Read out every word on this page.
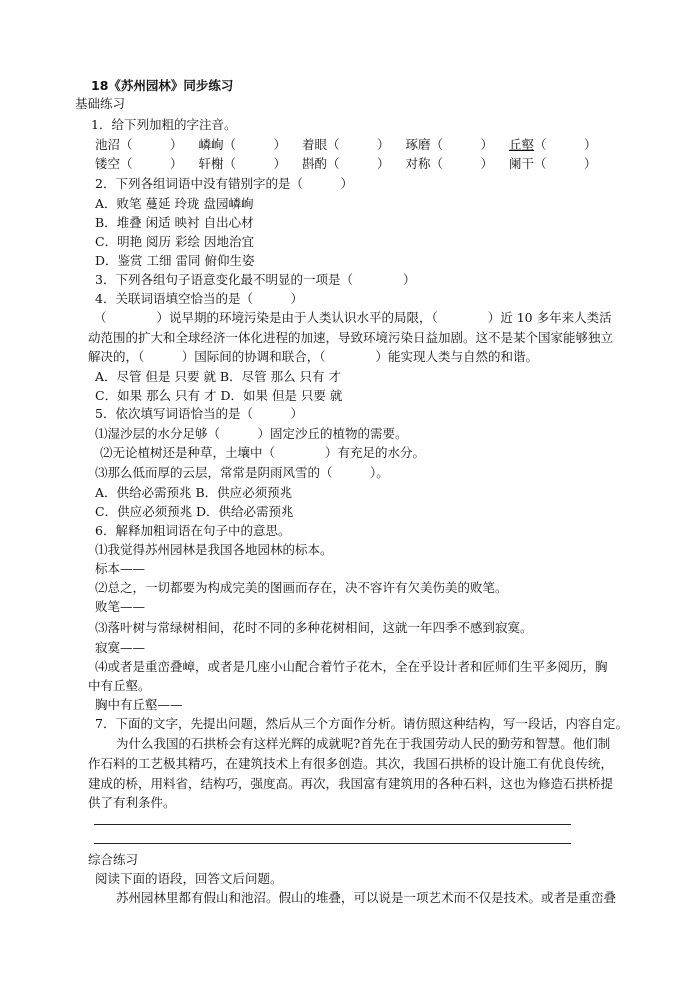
18《苏州园林》同步练习
基础练习
1．给下列加粗的字注音。
池沼（　　　） 嶙峋（　　　） 着眼（　　　） 琢磨（　　　） 丘壑（　　　）
镂空（　　　） 轩榭（　　　） 斟酌（　　　） 对称（　　　） 阑干（　　　）
2．下列各组词语中没有错别字的是（　　　）
A．败笔 蔓延 玲珑 盘园嶙峋
B．堆叠 闲适 映衬 自出心材
C．明艳 阅历 彩绘 因地治宜
D．鉴赏 工细 雷同 俯仰生姿
3．下列各组句子语意变化最不明显的一项是（　　　　）
4．关联词语填空恰当的是（　　　）
（　　　　）说早期的环境污染是由于人类认识水平的局限，（　　　　）近 10 多年来人类活
动范围的扩大和全球经济一体化进程的加速，导致环境污染日益加剧。这不是某个国家能够独立
解决的，（　　　）国际间的协调和联合，（　　　　）能实现人类与自然的和谐。
A．尽管 但是 只要 就 B．尽管 那么 只有 才
C．如果 那么 只有 才 D．如果 但是 只要 就
5．依次填写词语恰当的是（　　　）
⑴湿沙层的水分足够（　　　）固定沙丘的植物的需要。
⑵无论植树还是种草，土壤中（　　　　）有充足的水分。
⑶那么低而厚的云层，常常是阴雨风雪的（　　　）。
A．供给必需预兆 B．供应必须预兆
C．供应必须预兆 D．供给必需预兆
6．解释加粗词语在句子中的意思。
⑴我觉得苏州园林是我国各地园林的标本。
标本——
⑵总之，一切都要为构成完美的图画而存在，决不容许有欠美伤美的败笔。
败笔——
⑶落叶树与常绿树相间，花时不同的多种花树相间，这就一年四季不感到寂寞。
寂寞——
⑷或者是重峦叠嶂，或者是几座小山配合着竹子花木，全在乎设计者和匠师们生平多阅历，胸
中有丘壑。
胸中有丘壑——
7．下面的文字，先提出问题，然后从三个方面作分析。请仿照这种结构，写一段话，内容自定。
为什么我国的石拱桥会有这样光辉的成就呢?首先在于我国劳动人民的勤劳和智慧。他们制
作石料的工艺极其精巧，在建筑技术上有很多创造。其次，我国石拱桥的设计施工有优良传统，
建成的桥，用料省，结构巧，强度高。再次，我国富有建筑用的各种石料，这也为修造石拱桥提
供了有利条件。
综合练习
阅读下面的语段，回答文后问题。
苏州园林里都有假山和池沼。假山的堆叠，可以说是一项艺术而不仅是技术。或者是重峦叠
